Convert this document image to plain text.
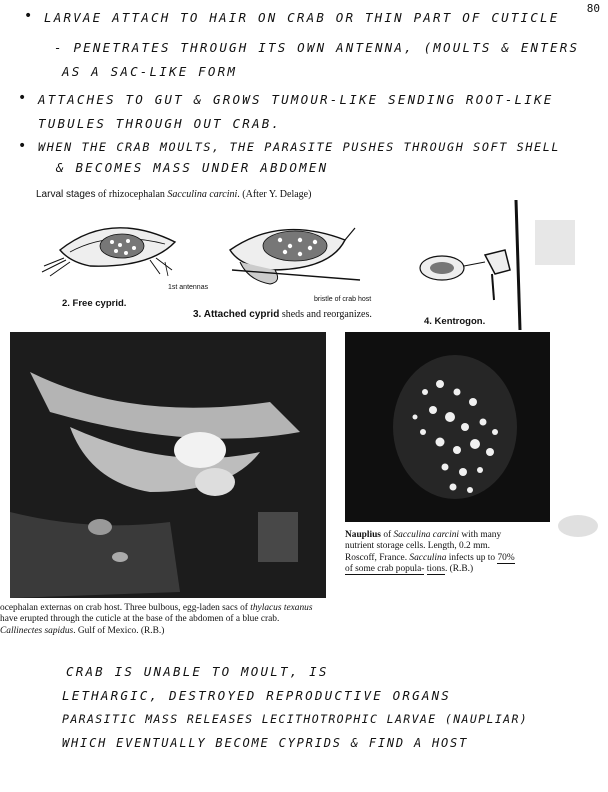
80
• LARVAE ATTACH TO HAIR ON CRAB OR THIN PART OF CUTICLE
- PENETRATES THROUGH ITS OWN ANTENNA, (MOULTS & ENTERS
AS A SAC-LIKE FORM
• ATTACHES TO GUT & GROWS TUMOUR-LIKE SENDING ROOT-LIKE
TUBULES THROUGH OUT CRAB.
• WHEN THE CRAB MOULTS, THE PARASITE PUSHES THROUGH SOFT SHELL
& BECOMES MASS UNDER ABDOMEN
Larval stages of rhizocephalan Sacculina carcini. (After Y. Delage)
1st antennas
bristle of crab host
2. Free cyprid.
3. Attached cyprid sheds and reorganizes.
4. Kentrogon.
Nauplius of Sacculina carcini with many nutrient storage cells. Length, 0.2 mm. Roscoff, France. Sacculina infects up to 70% of some crab popula- tions. (R.B.)
ocephalan externas on crab host. Three bulbous, egg-laden sacs of thylacus texanus have erupted through the cuticle at the base of the abdomen of a blue crab. Callinectes sapidus. Gulf of Mexico. (R.B.)
CRAB IS UNABLE TO MOULT, IS
LETHARGIC, DESTROYED REPRODUCTIVE ORGANS
PARASITIC MASS RELEASES LECITHOTROPHIC LARVAE (NAUPLIAR)
WHICH EVENTUALLY BECOME CYPRIDS & FIND A HOST
